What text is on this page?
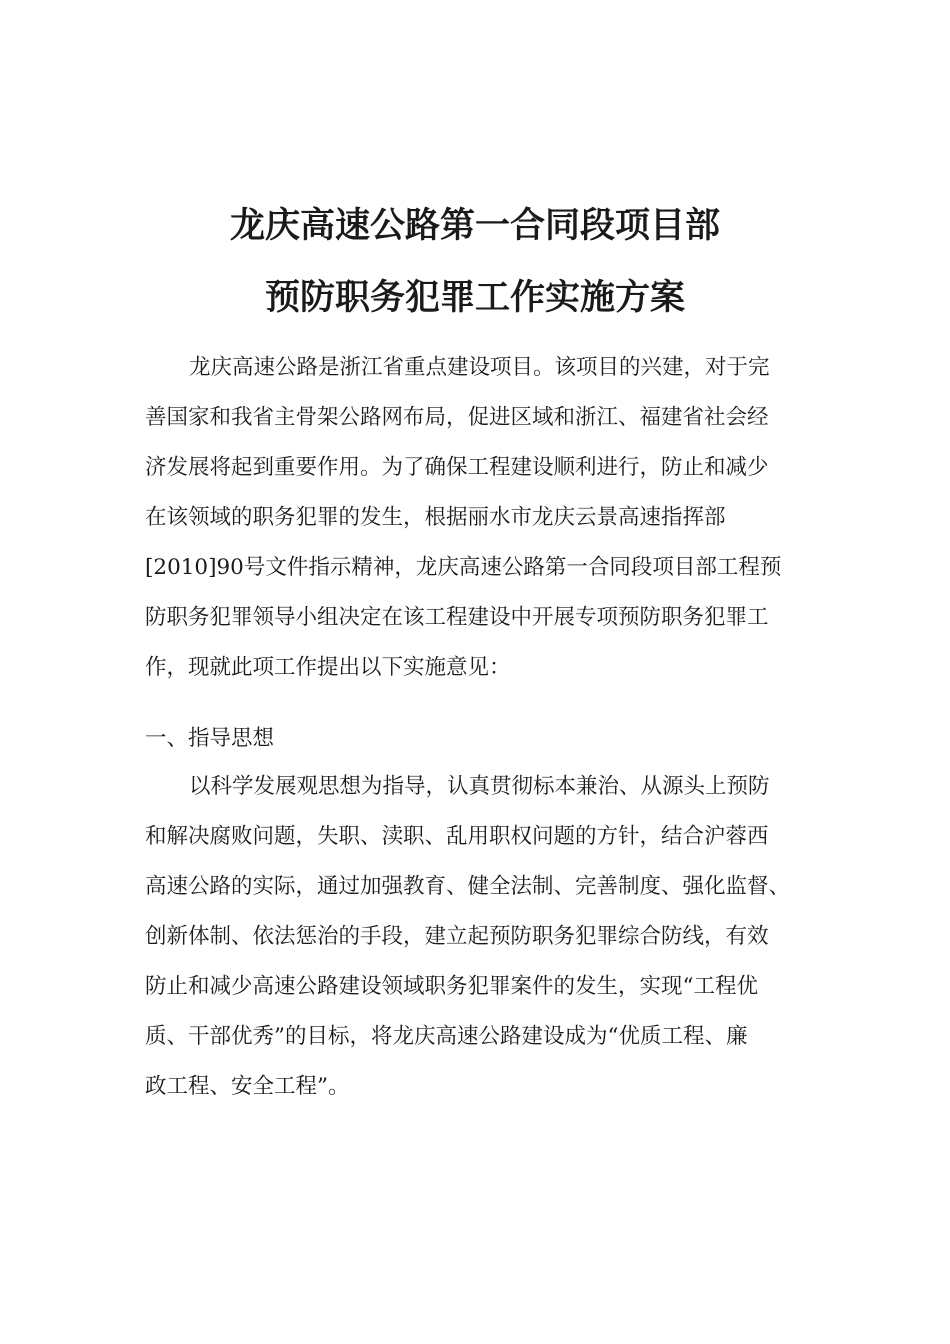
龙庆高速公路第一合同段项目部
预防职务犯罪工作实施方案
龙庆高速公路是浙江省重点建设项目。该项目的兴建，对于完
善国家和我省主骨架公路网布局，促进区域和浙江、福建省社会经
济发展将起到重要作用。为了确保工程建设顺利进行，防止和减少
在该领域的职务犯罪的发生，根据丽水市龙庆云景高速指挥部
[2010]90号文件指示精神，龙庆高速公路第一合同段项目部工程预
防职务犯罪领导小组决定在该工程建设中开展专项预防职务犯罪工
作，现就此项工作提出以下实施意见：
一、指导思想
以科学发展观思想为指导，认真贯彻标本兼治、从源头上预防
和解决腐败问题，失职、渎职、乱用职权问题的方针，结合沪蓉西
高速公路的实际，通过加强教育、健全法制、完善制度、强化监督、
创新体制、依法惩治的手段，建立起预防职务犯罪综合防线，有效
防止和减少高速公路建设领域职务犯罪案件的发生，实现“工程优
质、干部优秀”的目标，将龙庆高速公路建设成为“优质工程、廉
政工程、安全工程”。
